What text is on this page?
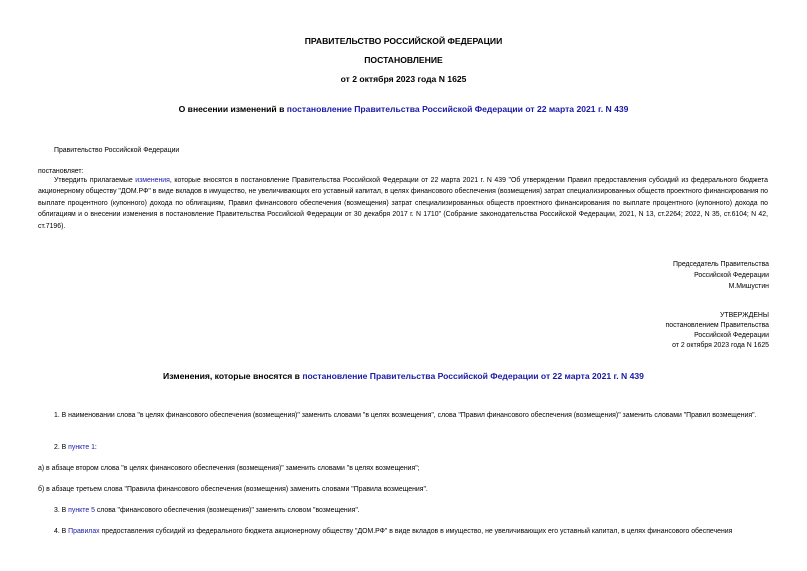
ПРАВИТЕЛЬСТВО РОССИЙСКОЙ ФЕДЕРАЦИИ
ПОСТАНОВЛЕНИЕ
от 2 октября 2023 года N 1625
О внесении изменений в постановление Правительства Российской Федерации от 22 марта 2021 г. N 439
Правительство Российской Федерации
постановляет:
Утвердить прилагаемые изменения, которые вносятся в постановление Правительства Российской Федерации от 22 марта 2021 г. N 439 "Об утверждении Правил предоставления субсидий из федерального бюджета акционерному обществу "ДОМ.РФ" в виде вкладов в имущество, не увеличивающих его уставный капитал, в целях финансового обеспечения (возмещения) затрат специализированных обществ проектного финансирования по выплате процентного (купонного) дохода по облигациям, Правил финансового обеспечения (возмещения) затрат специализированных обществ проектного финансирования по выплате процентного (купонного) дохода по облигациям и о внесении изменения в постановление Правительства Российской Федерации от 30 декабря 2017 г. N 1710" (Собрание законодательства Российской Федерации, 2021, N 13, ст.2264; 2022, N 35, ст.6104; N 42, ст.7196).
Председатель Правительства
Российской Федерации
М.Мишустин
УТВЕРЖДЕНЫ
постановлением Правительства
Российской Федерации
от 2 октября 2023 года N 1625
Изменения, которые вносятся в постановление Правительства Российской Федерации от 22 марта 2021 г. N 439
1. В наименовании слова "в целях финансового обеспечения (возмещения)" заменить словами "в целях возмещения", слова "Правил финансового обеспечения (возмещения)" заменить словами "Правил возмещения".
2. В пункте 1:
а) в абзаце втором слова "в целях финансового обеспечения (возмещения)" заменить словами "в целях возмещения";
б) в абзаце третьем слова "Правила финансового обеспечения (возмещения) заменить словами "Правила возмещения".
3. В пункте 5 слова "финансового обеспечения (возмещения)" заменить словом "возмещения".
4. В Правилах предоставления субсидий из федерального бюджета акционерному обществу "ДОМ.РФ" в виде вкладов в имущество, не увеличивающих его уставный капитал, в целях финансового обеспечения
